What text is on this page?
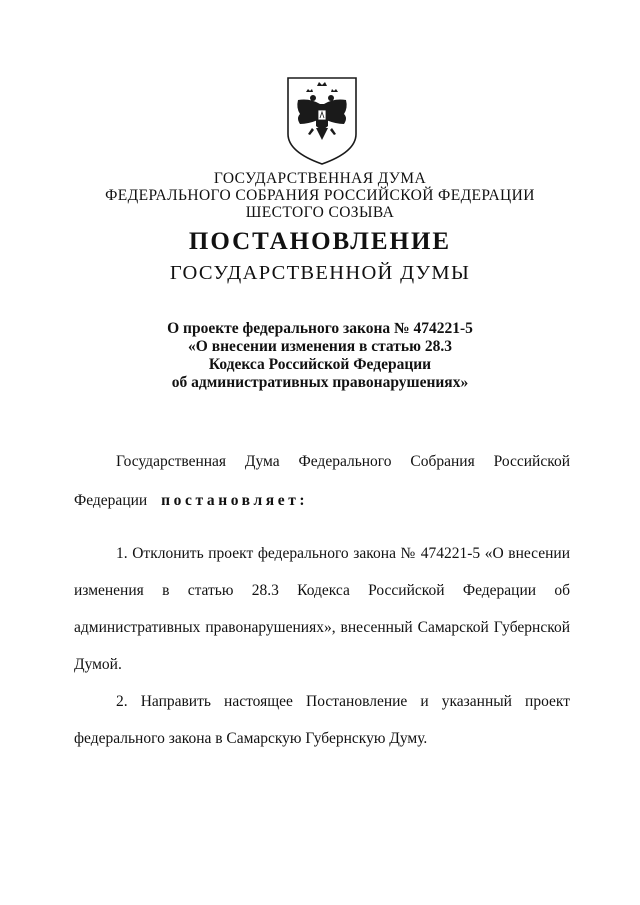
ГОСУДАРСТВЕННАЯ ДУМА
ФЕДЕРАЛЬНОГО СОБРАНИЯ РОССИЙСКОЙ ФЕДЕРАЦИИ
ШЕСТОГО СОЗЫВА
ПОСТАНОВЛЕНИЕ
ГОСУДАРСТВЕННОЙ ДУМЫ
О проекте федерального закона № 474221-5
«О внесении изменения в статью 28.3
Кодекса Российской Федерации
об административных правонарушениях»
Государственная Дума Федерального Собрания Российской
Федерации постановляет:
1. Отклонить проект федерального закона № 474221-5 «О внесении
изменения в статью 28.3 Кодекса Российской Федерации об
административных правонарушениях», внесенный Самарской Губернской
Думой.
2. Направить настоящее Постановление и указанный проект
федерального закона в Самарскую Губернскую Думу.
